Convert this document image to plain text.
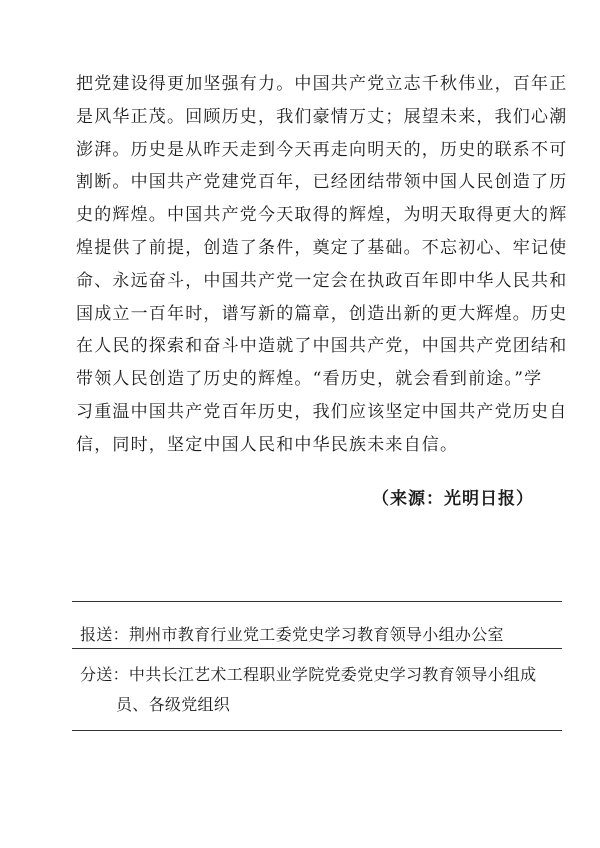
把党建设得更加坚强有力。中国共产党立志千秋伟业，百年正
是风华正茂。回顾历史，我们豪情万丈；展望未来，我们心潮
澎湃。历史是从昨天走到今天再走向明天的，历史的联系不可
割断。中国共产党建党百年，已经团结带领中国人民创造了历
史的辉煌。中国共产党今天取得的辉煌，为明天取得更大的辉
煌提供了前提，创造了条件，奠定了基础。不忘初心、牢记使
命、永远奋斗，中国共产党一定会在执政百年即中华人民共和
国成立一百年时，谱写新的篇章，创造出新的更大辉煌。历史
在人民的探索和奋斗中造就了中国共产党，中国共产党团结和
带领人民创造了历史的辉煌。“看历史，就会看到前途。”学
习重温中国共产党百年历史，我们应该坚定中国共产党历史自
信，同时，坚定中国人民和中华民族未来自信。

（来源：光明日报）

报送：荆州市教育行业党工委党史学习教育领导小组办公室

分送：中共长江艺术工程职业学院党委党史学习教育领导小组成
员、各级党组织
